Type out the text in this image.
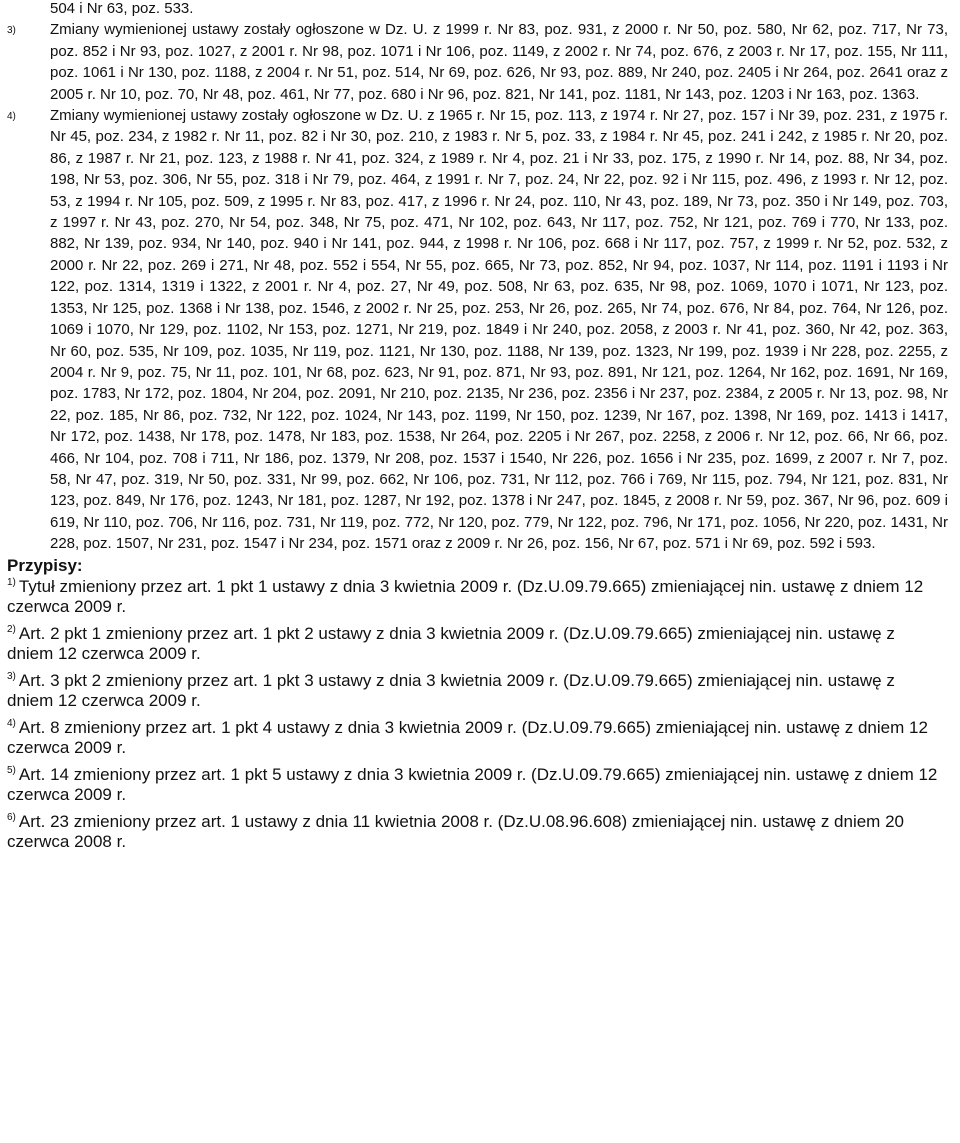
504 i Nr 63, poz. 533.
3) Zmiany wymienionej ustawy zostały ogłoszone w Dz. U. z 1999 r. Nr 83, poz. 931, z 2000 r. Nr 50, poz. 580, Nr 62, poz. 717, Nr 73, poz. 852 i Nr 93, poz. 1027, z 2001 r. Nr 98, poz. 1071 i Nr 106, poz. 1149, z 2002 r. Nr 74, poz. 676, z 2003 r. Nr 17, poz. 155, Nr 111, poz. 1061 i Nr 130, poz. 1188, z 2004 r. Nr 51, poz. 514, Nr 69, poz. 626, Nr 93, poz. 889, Nr 240, poz. 2405 i Nr 264, poz. 2641 oraz z 2005 r. Nr 10, poz. 70, Nr 48, poz. 461, Nr 77, poz. 680 i Nr 96, poz. 821, Nr 141, poz. 1181, Nr 143, poz. 1203 i Nr 163, poz. 1363.
4) Zmiany wymienionej ustawy zostały ogłoszone w Dz. U. z 1965 r. Nr 15, poz. 113, z 1974 r. Nr 27, poz. 157 i Nr 39, poz. 231, z 1975 r. Nr 45, poz. 234, z 1982 r. Nr 11, poz. 82 i Nr 30, poz. 210, z 1983 r. Nr 5, poz. 33, z 1984 r. Nr 45, poz. 241 i 242, z 1985 r. Nr 20, poz. 86, z 1987 r. Nr 21, poz. 123, z 1988 r. Nr 41, poz. 324, z 1989 r. Nr 4, poz. 21 i Nr 33, poz. 175, z 1990 r. Nr 14, poz. 88, Nr 34, poz. 198, Nr 53, poz. 306, Nr 55, poz. 318 i Nr 79, poz. 464, z 1991 r. Nr 7, poz. 24, Nr 22, poz. 92 i Nr 115, poz. 496, z 1993 r. Nr 12, poz. 53, z 1994 r. Nr 105, poz. 509, z 1995 r. Nr 83, poz. 417, z 1996 r. Nr 24, poz. 110, Nr 43, poz. 189, Nr 73, poz. 350 i Nr 149, poz. 703, z 1997 r. Nr 43, poz. 270, Nr 54, poz. 348, Nr 75, poz. 471, Nr 102, poz. 643, Nr 117, poz. 752, Nr 121, poz. 769 i 770, Nr 133, poz. 882, Nr 139, poz. 934, Nr 140, poz. 940 i Nr 141, poz. 944, z 1998 r. Nr 106, poz. 668 i Nr 117, poz. 757, z 1999 r. Nr 52, poz. 532, z 2000 r. Nr 22, poz. 269 i 271, Nr 48, poz. 552 i 554, Nr 55, poz. 665, Nr 73, poz. 852, Nr 94, poz. 1037, Nr 114, poz. 1191 i 1193 i Nr 122, poz. 1314, 1319 i 1322, z 2001 r. Nr 4, poz. 27, Nr 49, poz. 508, Nr 63, poz. 635, Nr 98, poz. 1069, 1070 i 1071, Nr 123, poz. 1353, Nr 125, poz. 1368 i Nr 138, poz. 1546, z 2002 r. Nr 25, poz. 253, Nr 26, poz. 265, Nr 74, poz. 676, Nr 84, poz. 764, Nr 126, poz. 1069 i 1070, Nr 129, poz. 1102, Nr 153, poz. 1271, Nr 219, poz. 1849 i Nr 240, poz. 2058, z 2003 r. Nr 41, poz. 360, Nr 42, poz. 363, Nr 60, poz. 535, Nr 109, poz. 1035, Nr 119, poz. 1121, Nr 130, poz. 1188, Nr 139, poz. 1323, Nr 199, poz. 1939 i Nr 228, poz. 2255, z 2004 r. Nr 9, poz. 75, Nr 11, poz. 101, Nr 68, poz. 623, Nr 91, poz. 871, Nr 93, poz. 891, Nr 121, poz. 1264, Nr 162, poz. 1691, Nr 169, poz. 1783, Nr 172, poz. 1804, Nr 204, poz. 2091, Nr 210, poz. 2135, Nr 236, poz. 2356 i Nr 237, poz. 2384, z 2005 r. Nr 13, poz. 98, Nr 22, poz. 185, Nr 86, poz. 732, Nr 122, poz. 1024, Nr 143, poz. 1199, Nr 150, poz. 1239, Nr 167, poz. 1398, Nr 169, poz. 1413 i 1417, Nr 172, poz. 1438, Nr 178, poz. 1478, Nr 183, poz. 1538, Nr 264, poz. 2205 i Nr 267, poz. 2258, z 2006 r. Nr 12, poz. 66, Nr 66, poz. 466, Nr 104, poz. 708 i 711, Nr 186, poz. 1379, Nr 208, poz. 1537 i 1540, Nr 226, poz. 1656 i Nr 235, poz. 1699, z 2007 r. Nr 7, poz. 58, Nr 47, poz. 319, Nr 50, poz. 331, Nr 99, poz. 662, Nr 106, poz. 731, Nr 112, poz. 766 i 769, Nr 115, poz. 794, Nr 121, poz. 831, Nr 123, poz. 849, Nr 176, poz. 1243, Nr 181, poz. 1287, Nr 192, poz. 1378 i Nr 247, poz. 1845, z 2008 r. Nr 59, poz. 367, Nr 96, poz. 609 i 619, Nr 110, poz. 706, Nr 116, poz. 731, Nr 119, poz. 772, Nr 120, poz. 779, Nr 122, poz. 796, Nr 171, poz. 1056, Nr 220, poz. 1431, Nr 228, poz. 1507, Nr 231, poz. 1547 i Nr 234, poz. 1571 oraz z 2009 r. Nr 26, poz. 156, Nr 67, poz. 571 i Nr 69, poz. 592 i 593.
Przypisy:
$^{1)}$ Tytuł zmieniony przez art. 1 pkt 1 ustawy z dnia 3 kwietnia 2009 r. (Dz.U.09.79.665) zmieniającej nin. ustawę z dniem 12 czerwca 2009 r.
$^{2)}$ Art. 2 pkt 1 zmieniony przez art. 1 pkt 2 ustawy z dnia 3 kwietnia 2009 r. (Dz.U.09.79.665) zmieniającej nin. ustawę z dniem 12 czerwca 2009 r.
$^{3)}$ Art. 3 pkt 2 zmieniony przez art. 1 pkt 3 ustawy z dnia 3 kwietnia 2009 r. (Dz.U.09.79.665) zmieniającej nin. ustawę z dniem 12 czerwca 2009 r.
$^{4)}$ Art. 8 zmieniony przez art. 1 pkt 4 ustawy z dnia 3 kwietnia 2009 r. (Dz.U.09.79.665) zmieniającej nin. ustawę z dniem 12 czerwca 2009 r.
$^{5)}$ Art. 14 zmieniony przez art. 1 pkt 5 ustawy z dnia 3 kwietnia 2009 r. (Dz.U.09.79.665) zmieniającej nin. ustawę z dniem 12 czerwca 2009 r.
$^{6)}$ Art. 23 zmieniony przez art. 1 ustawy z dnia 11 kwietnia 2008 r. (Dz.U.08.96.608) zmieniającej nin. ustawę z dniem 20 czerwca 2008 r.
